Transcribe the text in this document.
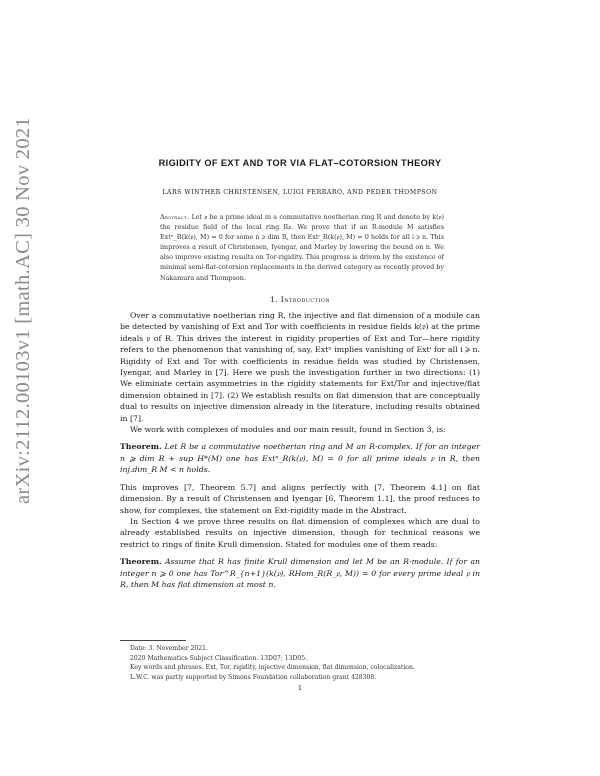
arXiv:2112.00103v1 [math.AC] 30 Nov 2021	RIGIDITY OF EXT AND TOR VIA FLAT–COTORSION THEORY
LARS WINTHER CHRISTENSEN, LUIGI FERRARO, AND PEDER THOMPSON
Abstract. Let 𝔭 be a prime ideal in a commutative noetherian ring R and denote by k(𝔭) the residue field of the local ring R𝔭. We prove that if an R-module M satisfies Extⁿ_R(k(𝔭), M) = 0 for some n ⩾ dim R, then Extⁱ_R(k(𝔭), M) = 0 holds for all i ⩾ n. This improves a result of Christensen, Iyengar, and Marley by lowering the bound on n. We also improve existing results on Tor-rigidity. This progress is driven by the existence of minimal semi-flat-cotorsion replacements in the derived category as recently proved by Nakamura and Thompson.
1. Introduction

Over a commutative noetherian ring R, the injective and flat dimension of a module can be detected by vanishing of Ext and Tor with coefficients in residue fields k(𝔭) at the prime ideals 𝔭 of R. This drives the interest in rigidity properties of Ext and Tor—here rigidity refers to the phenomenon that vanishing of, say, Extⁿ implies vanishing of Extⁱ for all i ⩾ n. Rigidity of Ext and Tor with coefficients in residue fields was studied by Christensen, Iyengar, and Marley in [7]. Here we push the investigation further in two directions: (1) We eliminate certain asymmetries in the rigidity statements for Ext/Tor and injective/flat dimension obtained in [7]. (2) We establish results on flat dimension that are conceptually dual to results on injective dimension already in the literature, including results obtained in [7].

We work with complexes of modules and our main result, found in Section 3, is:

Theorem. Let R be a commutative noetherian ring and M an R-complex. If for an integer n ⩾ dim R + sup H*(M) one has Extⁿ_R(k(𝔭), M) = 0 for all prime ideals 𝔭 in R, then inj.dim_R M < n holds.

This improves [7, Theorem 5.7] and aligns perfectly with [7, Theorem 4.1] on flat dimension. By a result of Christensen and Iyengar [6, Theorem 1.1], the proof reduces to show, for complexes, the statement on Ext-rigidity made in the Abstract.

In Section 4 we prove three results on flat dimension of complexes which are dual to already established results on injective dimension, though for technical reasons we restrict to rings of finite Krull dimension. Stated for modules one of them reads:

Theorem. Assume that R has finite Krull dimension and let M be an R-module. If for an integer n ⩾ 0 one has Tor^R_{n+1}(k(𝔭), RHom_R(R_𝔭, M)) = 0 for every prime ideal 𝔭 in R, then M has flat dimension at most n.

Date: 3. November 2021.
2020 Mathematics Subject Classification. 13D07; 13D05.
Key words and phrases. Ext, Tor, rigidity, injective dimension, flat dimension, colocalization.
L.W.C. was partly supported by Simons Foundation collaboration grant 428308.
1
